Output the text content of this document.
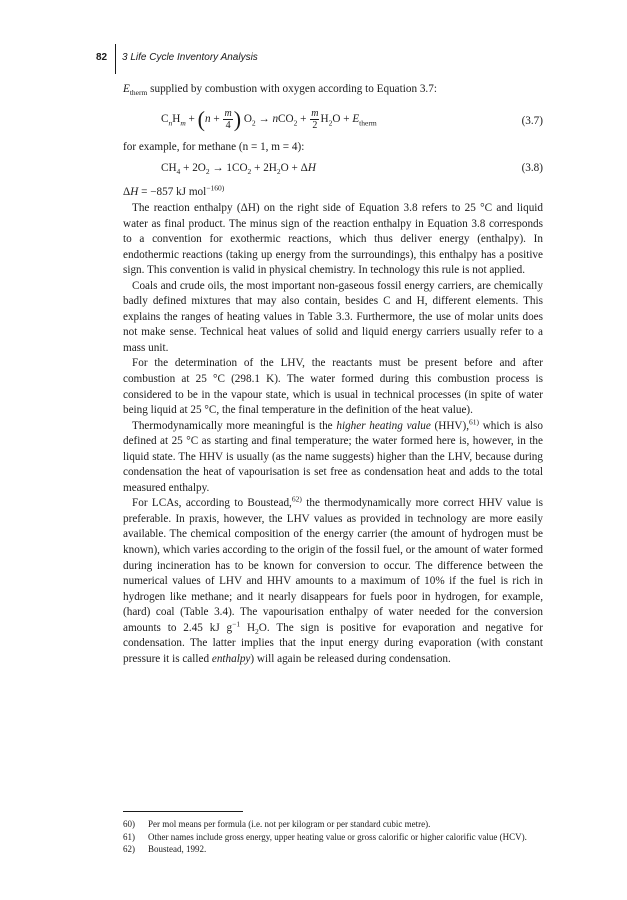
82 3 Life Cycle Inventory Analysis
$E_{therm}$ supplied by combustion with oxygen according to Equation 3.7:
$C_nH_m + (n + \frac{m}{4}$ ) $O_2 \to nCO_2 + \frac{m}{2} H_2O + E_{therm}$	(3.7)
for example, for methane (n = 1, m = 4):
$CH_4 + 2O_2 \to 1CO_2 + 2H_2O + \Delta H$	(3.8)
ΔH = −857 kJ mol$^{-160)}$

The reaction enthalpy (ΔH) on the right side of Equation 3.8 refers to 25 °C and liquid water as final product. The minus sign of the reaction enthalpy in Equation 3.8 corresponds to a convention for exothermic reactions, which thus deliver energy (enthalpy). In endothermic reactions (taking up energy from the surroundings), this enthalpy has a positive sign. This convention is valid in physical chemistry. In technology this rule is not applied.

Coals and crude oils, the most important non-gaseous fossil energy carriers, are chemically badly defined mixtures that may also contain, besides C and H, different elements. This explains the ranges of heating values in Table 3.3. Furthermore, the use of molar units does not make sense. Technical heat values of solid and liquid energy carriers usually refer to a mass unit.

For the determination of the LHV, the reactants must be present before and after combustion at 25 °C (298.1 K). The water formed during this combustion process is considered to be in the vapour state, which is usual in technical processes (in spite of water being liquid at 25 °C, the final temperature in the definition of the heat value).

Thermodynamically more meaningful is the higher heating value (HHV),$^{61)}$ which is also defined at 25 °C as starting and final temperature; the water formed here is, however, in the liquid state. The HHV is usually (as the name suggests) higher than the LHV, because during condensation the heat of vapourisation is set free as condensation heat and adds to the total measured enthalpy.

For LCAs, according to Boustead,$^{62)}$ the thermodynamically more correct HHV value is preferable. In praxis, however, the LHV values as provided in technology are more easily available. The chemical composition of the energy carrier (the amount of hydrogen must be known), which varies according to the origin of the fossil fuel, or the amount of water formed during incineration has to be known for conversion to occur. The difference between the numerical values of LHV and HHV amounts to a maximum of 10% if the fuel is rich in hydrogen like methane; and it nearly disappears for fuels poor in hydrogen, for example, (hard) coal (Table 3.4). The vapourisation enthalpy of water needed for the conversion amounts to 2.45 kJ $g^{-1}$ $H_2O$. The sign is positive for evaporation and negative for condensation. The latter implies that the input energy during evaporation (with constant pressure it is called enthalpy) will again be released during condensation.

60)	Per mol means per formula (i.e. not per kilogram or per standard cubic metre).
61)	Other names include gross energy, upper heating value or gross calorific or higher calorific value (HCV).
62)	Boustead, 1992.
